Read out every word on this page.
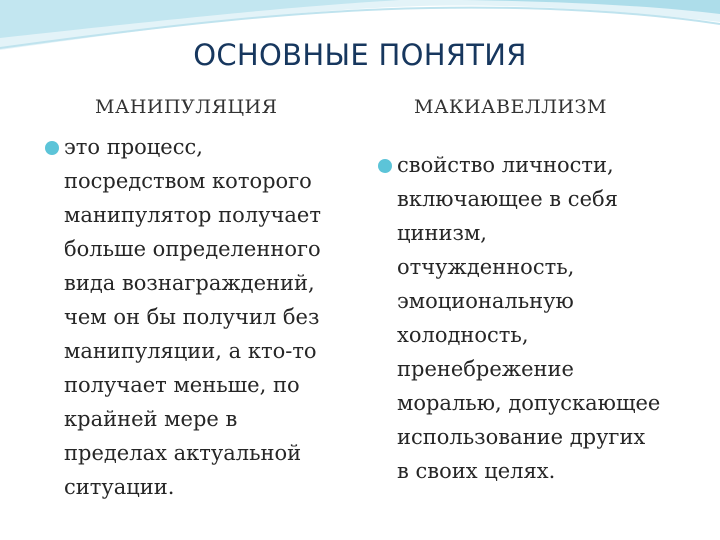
ОСНОВНЫЕ ПОНЯТИЯ
МАНИПУЛЯЦИЯ	МАКИАВЕЛЛИЗМ
это процесс,
посредством которого
манипулятор получает
больше определенного
вида вознаграждений,
чем он бы получил без
манипуляции, а кто-то
получает меньше, по
крайней мере в
пределах актуальной
ситуации.
свойство личности,
включающее в себя
цинизм,
отчужденность,
эмоциональную
холодность,
пренебрежение
моралью, допускающее
использование других
в своих целях.
